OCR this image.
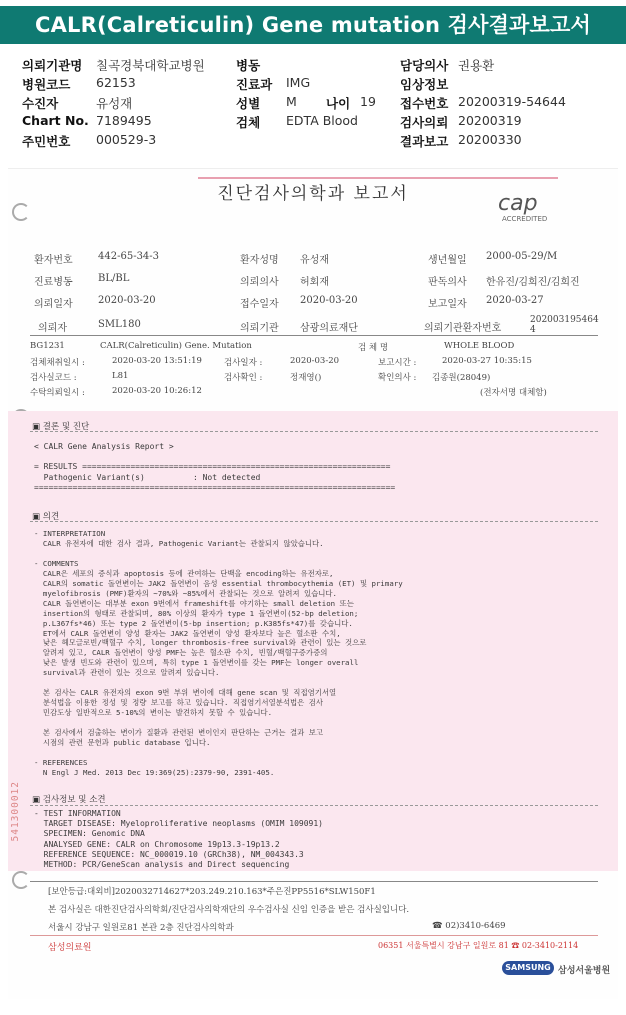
CALR(Calreticulin) Gene mutation 검사결과보고서
의뢰기관명 칠곡경북대학교병원	병동	담당의사 권용환
병원코드 62153	진료과 IMG	임상정보
수진자	유성재	성별 M 나이 19 접수번호 20200319-54644
Chart No. 7189495	검체 EDTA Blood	검사의뢰 20200319
주민번호 000529-3	결과보고 20200330
진단검사의학과 보고서	cap
ACCREDITED
환자번호	442-65-34-3	환자성명 유성재	생년월일 2000-05-29/M
진료병동	BL/BL	의뢰의사 허회재	판독의사 한유진/김희진/김희진
의뢰일자	2020-03-20	접수일자 2020-03-20	보고일자 2020-03-27
의뢰자	SML180	의뢰기관 삼광의료재단	의뢰기관환자번호
202003195464
4
BG1231	CALR(Calreticulin) Gene. Mutation	검 체 명	WHOLE BLOOD
검체채취일시 :	2020-03-20 13:51:19	검사일자 :	2020-03-20	보고시간 :	2020-03-27 10:35:15
검사실코드 :	L81	검사확인 :	정재영()	확인의사 : 김종원(28049)
수탁의뢰일시 :	2020-03-20 10:26:12	(전자서명 대체함)
▣ 결론 및 진단
< CALR Gene Analysis Report >

= RESULTS ================================================================
Pathogenic Variant(s)          : Not detected
===========================================================================
▣ 의견
- INTERPRETATION
CALR 유전자에 대한 검사 결과, Pathogenic Variant는 관찰되지 않았습니다.

- COMMENTS
CALR은 세포의 증식과 apoptosis 등에 관여하는 단백을 encoding하는 유전자로,
CALR의 somatic 돌연변이는 JAK2 돌연변이 음성 essential thrombocythemia (ET) 및 primary
myelofibrosis (PMF)환자의 ~70%와 ~85%에서 관찰되는 것으로 알려져 있습니다.
CALR 돌연변이는 대부분 exon 9번에서 frameshift를 야기하는 small deletion 또는
insertion의 형태로 관찰되며, 80% 이상의 환자가 type 1 돌연변이(52-bp deletion;
p.L367fs*46) 또는 type 2 돌연변이(5-bp insertion; p.K385fs*47)를 갖습니다.
ET에서 CALR 돌연변이 양성 환자는 JAK2 돌연변이 양성 환자보다 높은 혈소판 수치,
낮은 헤모글로빈/백혈구 수치, longer thrombosis-free survival와 관련이 있는 것으로
알려져 있고, CALR 돌연변이 양성 PMF는 높은 혈소판 수치, 빈혈/백혈구증가증의
낮은 발생 빈도와 관련이 있으며, 특히 type 1 돌연변이를 갖는 PMF는 longer overall
survival과 관련이 있는 것으로 알려져 있습니다.

본 검사는 CALR 유전자의 exon 9번 부위 변이에 대해 gene scan 및 직접염기서열
분석법을 이용한 정성 및 정량 보고를 하고 있습니다. 직접염기서열분석법은 검사
민감도상 일반적으로 5-10%의 변이는 발견하지 못할 수 있습니다.

본 검사에서 검출하는 변이가 질환과 관련된 변이인지 판단하는 근거는 결과 보고
시점의 관련 문헌과 public database 입니다.

- REFERENCES
N Engl J Med. 2013 Dec 19:369(25):2379-90, 2391-405.
▣ 검사정보 및 소견
- TEST INFORMATION
TARGET DISEASE: Myeloproliferative neoplasms (OMIM 109091)
SPECIMEN: Genomic DNA
ANALYSED GENE: CALR on Chromosome 19p13.3-19p13.2
REFERENCE SEQUENCE: NC_000019.10 (GRCh38), NM_004343.3
METHOD: PCR/GeneScan analysis and Direct sequencing
541300012
[보안등급:대외비]2020032714627*203.249.210.163*주은진PP5516*SLW150F1
본 검사실은 대한진단검사의학회/진단검사의학재단의 우수검사실 신임 인증을 받은 검사실입니다.
서울시 강남구 일원로81 본관 2층 진단검사의학과	☎ 02)3410-6469
삼성의료원	06351 서울특별시 강남구 일원로 81 ☎ 02-3410-2114
SAMSUNG 삼성서울병원
